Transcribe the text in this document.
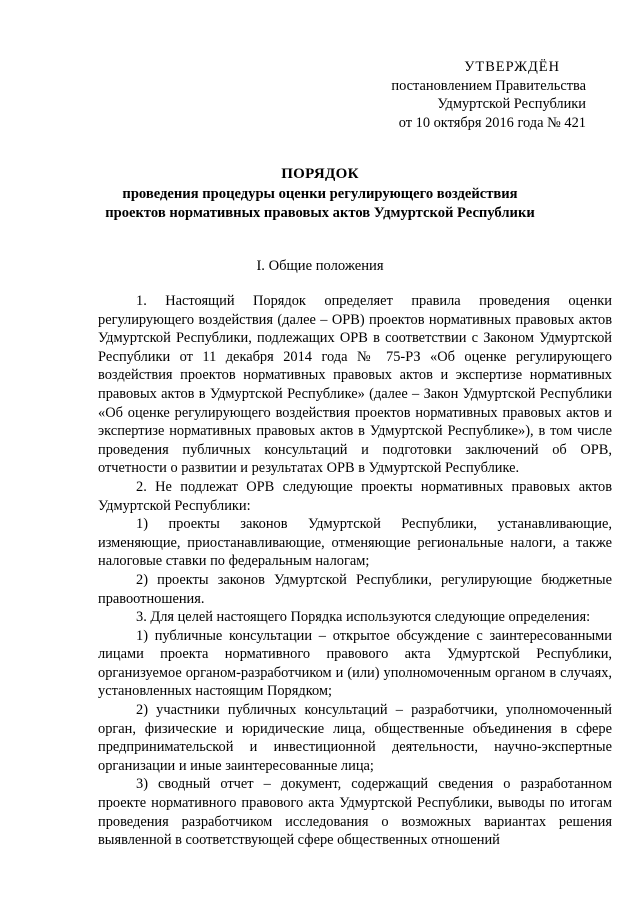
УТВЕРЖДЁН
постановлением Правительства
Удмуртской Республики
от 10 октября 2016 года № 421
ПОРЯДОК
проведения процедуры оценки регулирующего воздействия
проектов нормативных правовых актов Удмуртской Республики
I. Общие положения

1. Настоящий Порядок определяет правила проведения оценки регулирующего воздействия (далее – ОРВ) проектов нормативных правовых актов Удмуртской Республики, подлежащих ОРВ в соответствии с Законом Удмуртской Республики от 11 декабря 2014 года № 75-РЗ «Об оценке регулирующего воздействия проектов нормативных правовых актов и экспертизе нормативных правовых актов в Удмуртской Республике» (далее – Закон Удмуртской Республики «Об оценке регулирующего воздействия проектов нормативных правовых актов и экспертизе нормативных правовых актов в Удмуртской Республике»), в том числе проведения публичных консультаций и подготовки заключений об ОРВ, отчетности о развитии и результатах ОРВ в Удмуртской Республике.

2. Не подлежат ОРВ следующие проекты нормативных правовых актов Удмуртской Республики:

1) проекты законов Удмуртской Республики, устанавливающие, изменяющие, приостанавливающие, отменяющие региональные налоги, а также налоговые ставки по федеральным налогам;

2) проекты законов Удмуртской Республики, регулирующие бюджетные правоотношения.

3. Для целей настоящего Порядка используются следующие определения:

1) публичные консультации – открытое обсуждение с заинтересованными лицами проекта нормативного правового акта Удмуртской Республики, организуемое органом-разработчиком и (или) уполномоченным органом в случаях, установленных настоящим Порядком;

2) участники публичных консультаций – разработчики, уполномоченный орган, физические и юридические лица, общественные объединения в сфере предпринимательской и инвестиционной деятельности, научно-экспертные организации и иные заинтересованные лица;

3) сводный отчет – документ, содержащий сведения о разработанном проекте нормативного правового акта Удмуртской Республики, выводы по итогам проведения разработчиком исследования о возможных вариантах решения выявленной в соответствующей сфере общественных отношений
